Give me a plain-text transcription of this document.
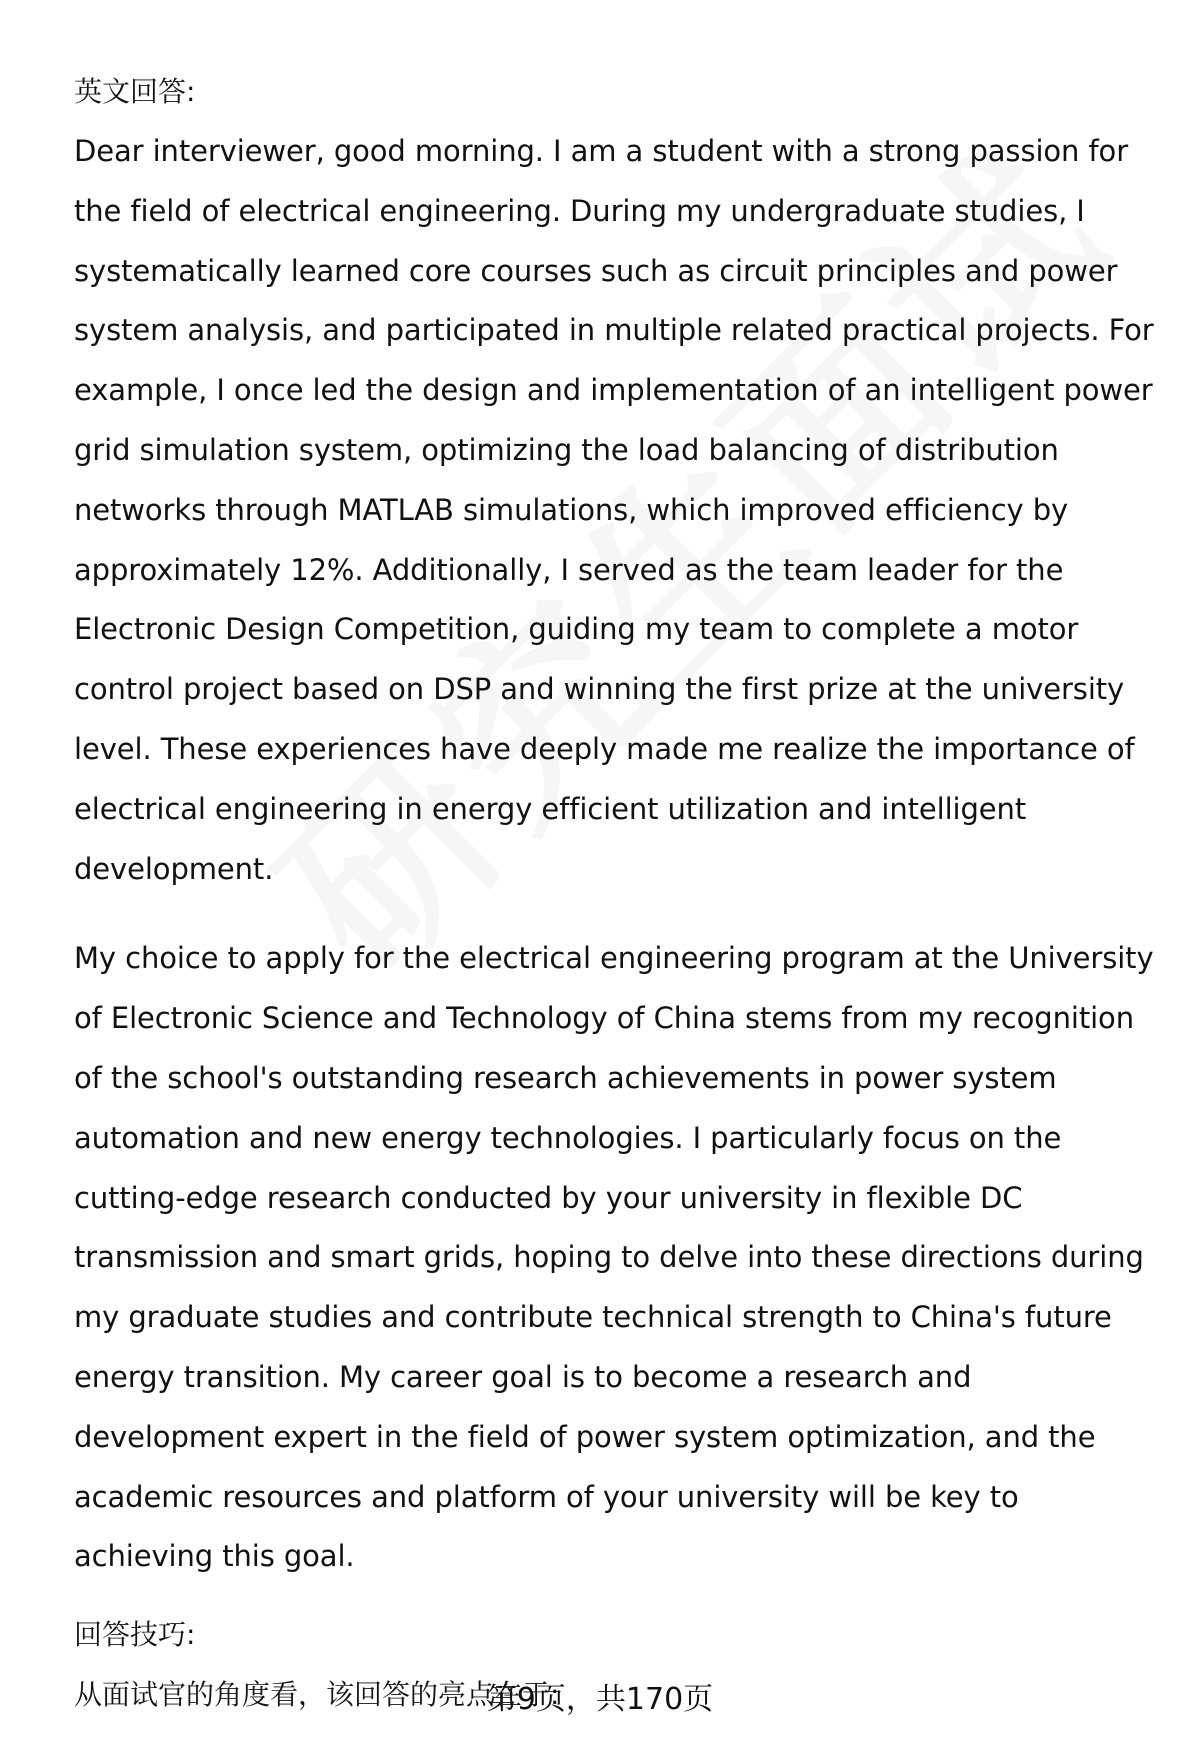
英文回答:

Dear interviewer, good morning. I am a student with a strong passion for the field of electrical engineering. During my undergraduate studies, I systematically learned core courses such as circuit principles and power system analysis, and participated in multiple related practical projects. For example, I once led the design and implementation of an intelligent power grid simulation system, optimizing the load balancing of distribution networks through MATLAB simulations, which improved efficiency by approximately 12%. Additionally, I served as the team leader for the Electronic Design Competition, guiding my team to complete a motor control project based on DSP and winning the first prize at the university level. These experiences have deeply made me realize the importance of electrical engineering in energy efficient utilization and intelligent development.

My choice to apply for the electrical engineering program at the University of Electronic Science and Technology of China stems from my recognition of the school's outstanding research achievements in power system automation and new energy technologies. I particularly focus on the cutting-edge research conducted by your university in flexible DC transmission and smart grids, hoping to delve into these directions during my graduate studies and contribute technical strength to China's future energy transition. My career goal is to become a research and development expert in the field of power system optimization, and the academic resources and platform of your university will be key to achieving this goal.

回答技巧:

从面试官的角度看，该回答的亮点在于:

第9页，共170页
